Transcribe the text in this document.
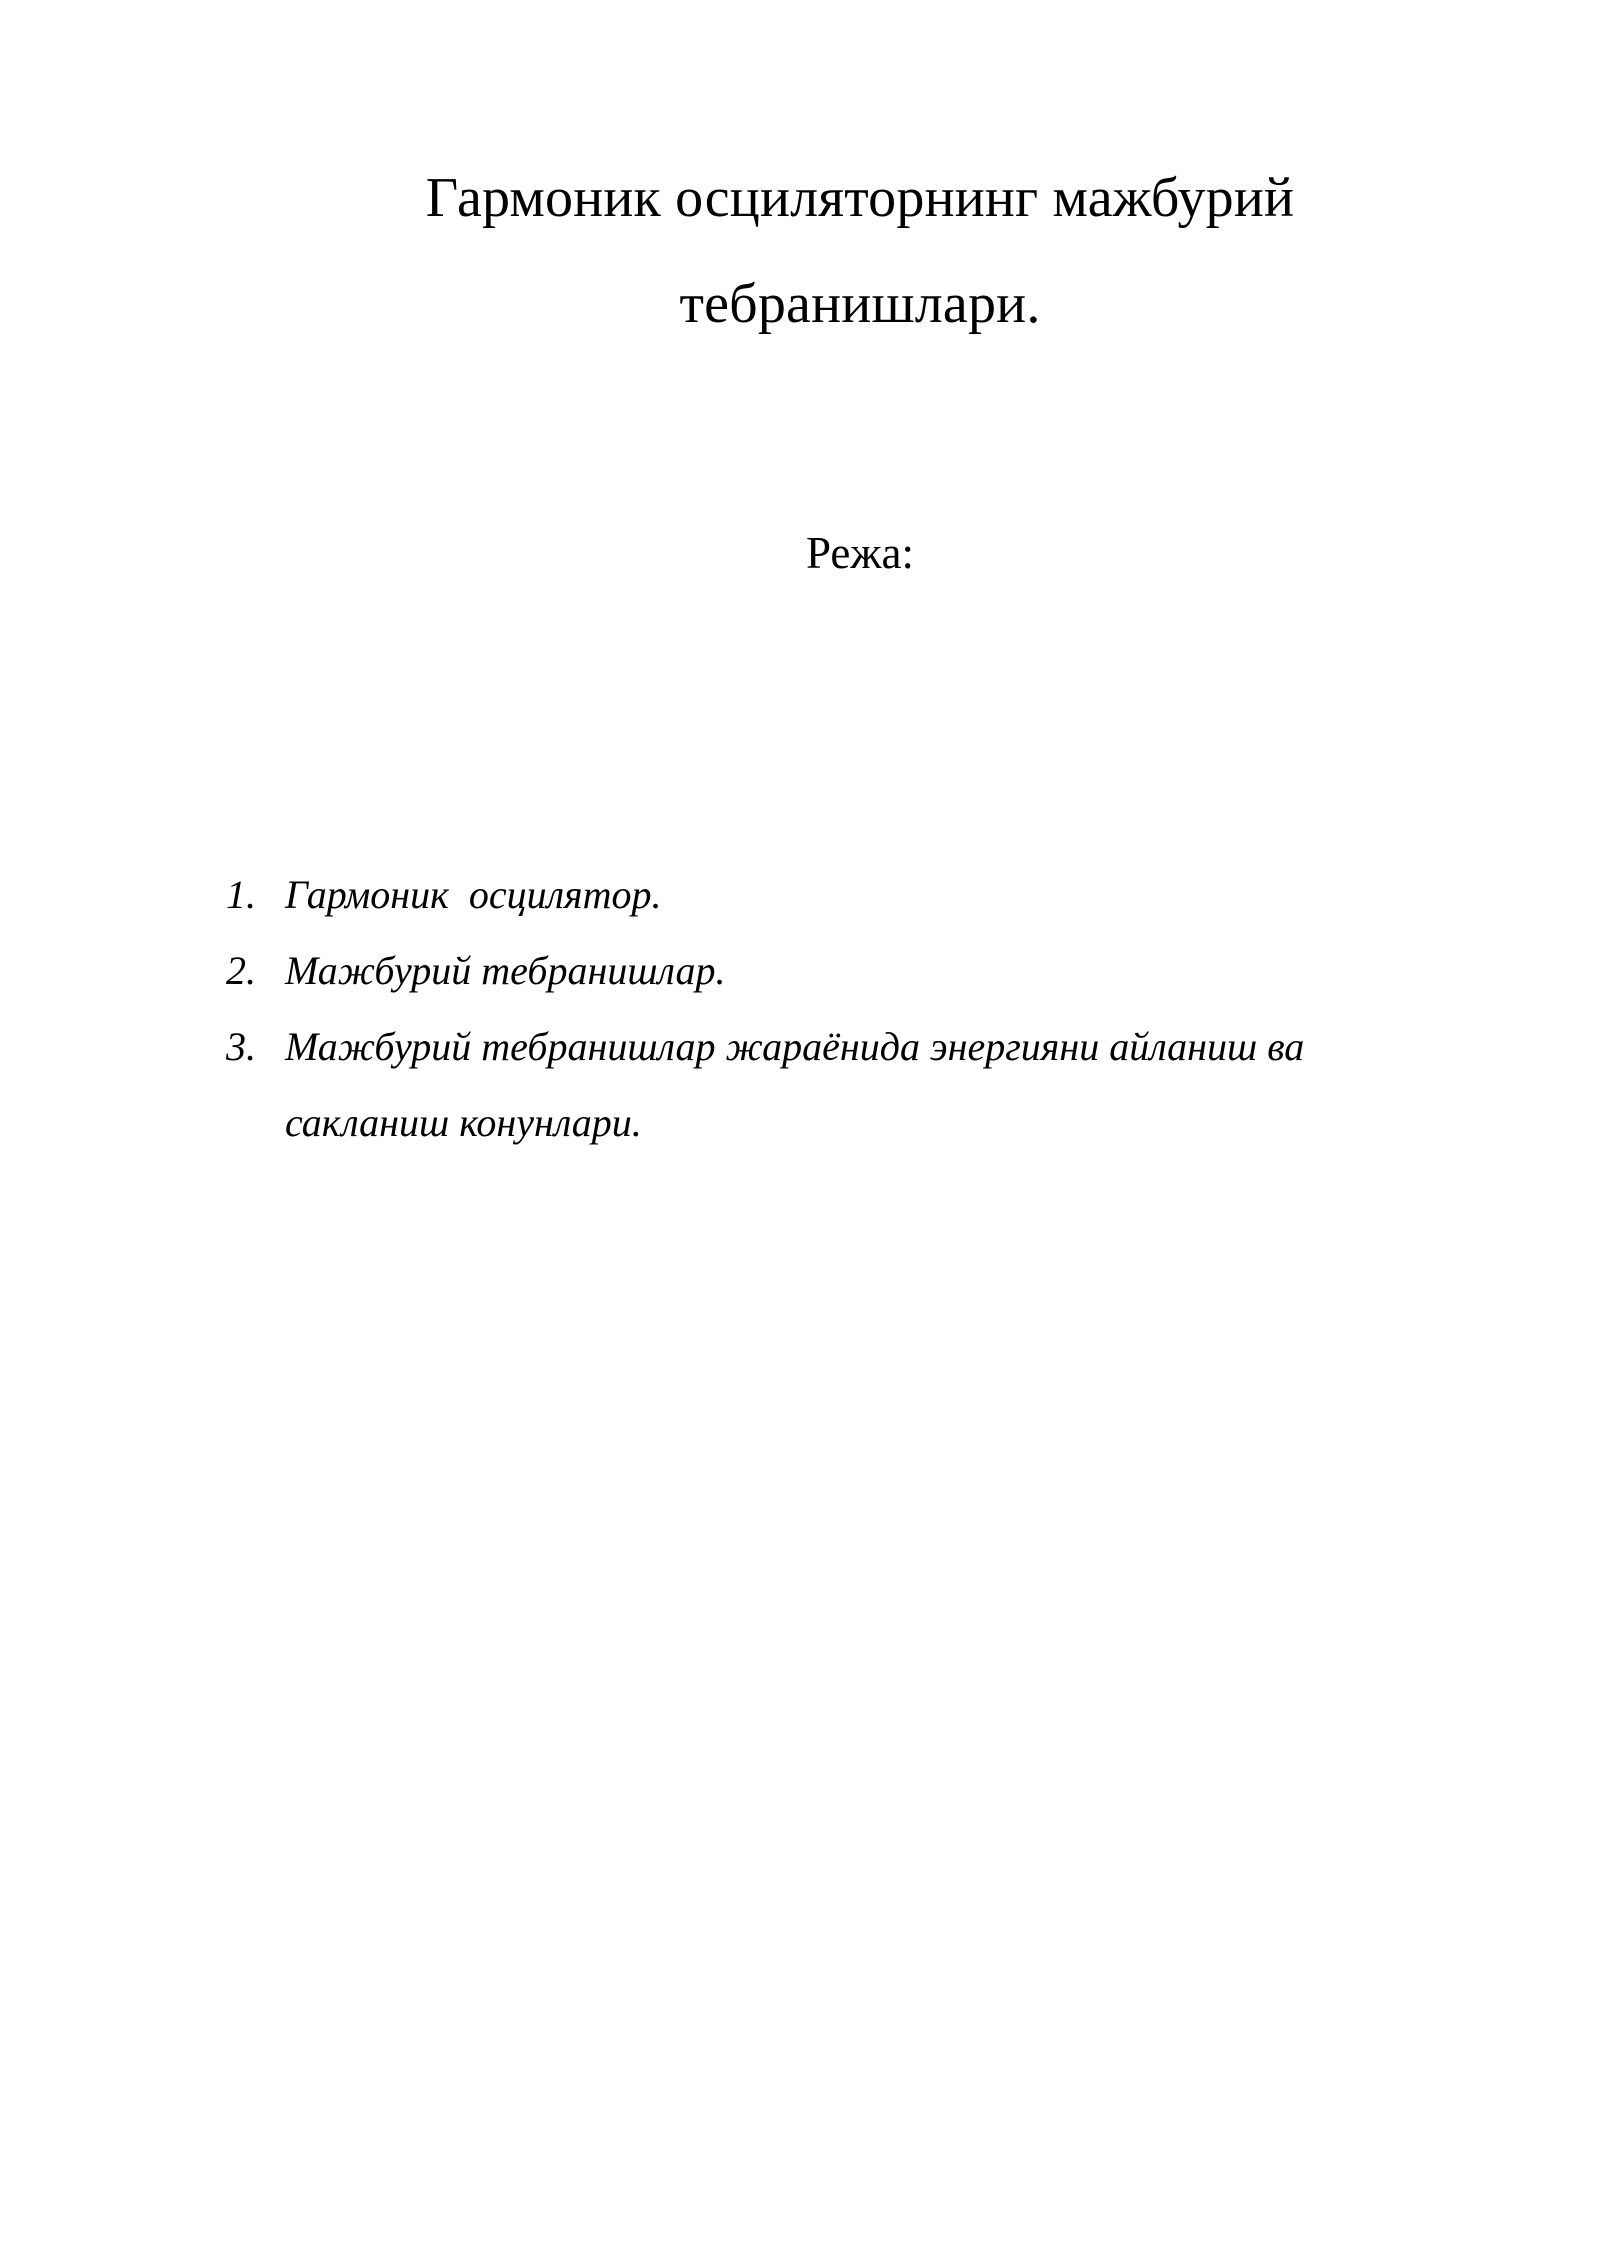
Гармоник осциляторнинг мажбурий
тебранишлари.
Режа:
1. Гармоник  осцилятор.
2. Мажбурий тебранишлар.
3. Мажбурий тебранишлар жараёнида энергияни айланиш ва сакланиш конунлари.
